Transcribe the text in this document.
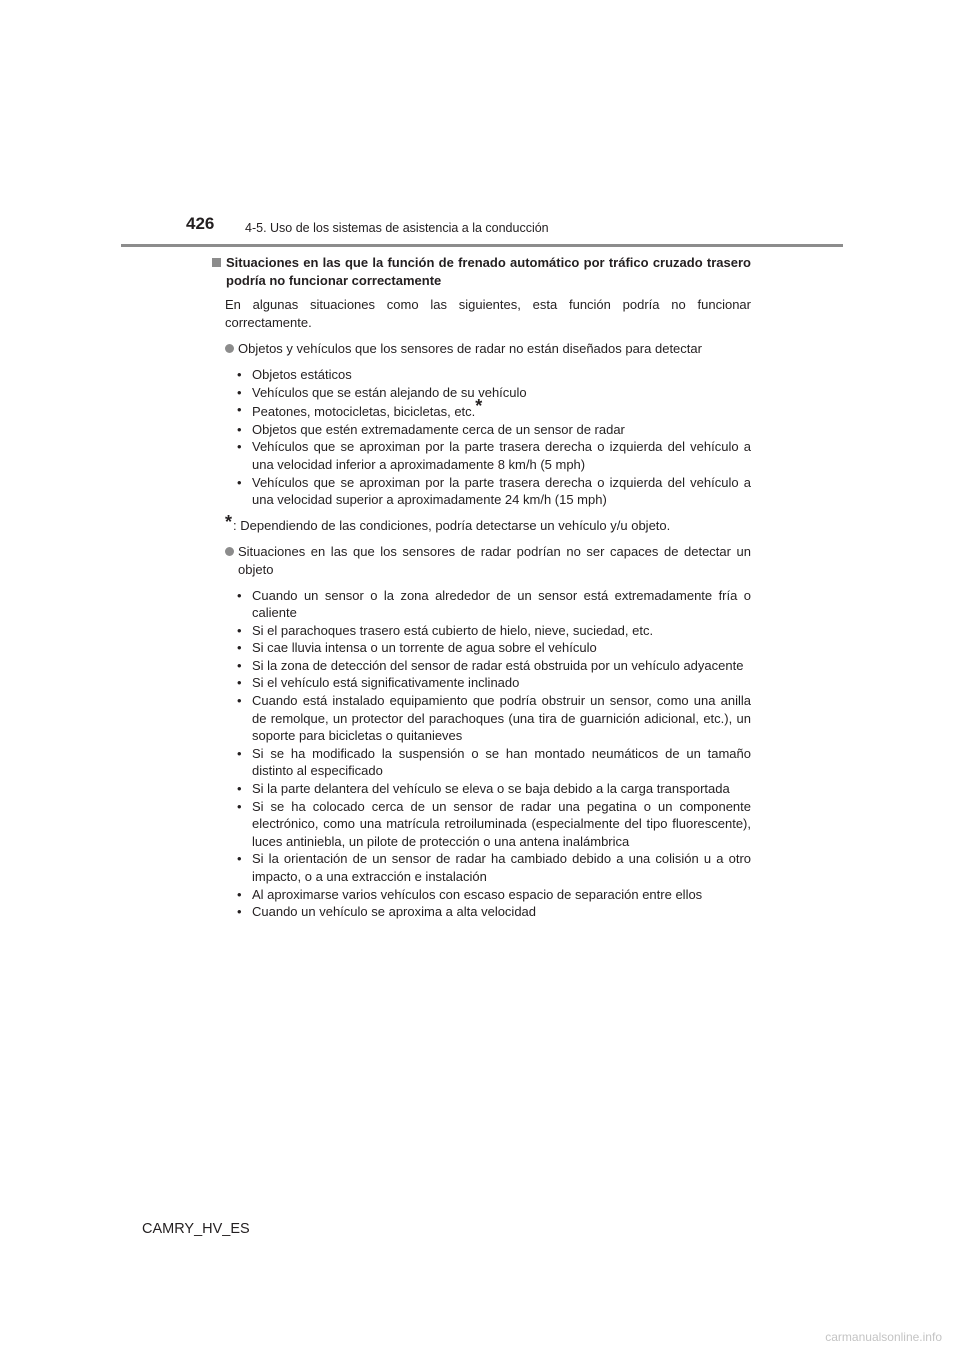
426 4-5. Uso de los sistemas de asistencia a la conducción
Situaciones en las que la función de frenado automático por tráfico cruzado trasero podría no funcionar correctamente
En algunas situaciones como las siguientes, esta función podría no funcionar correctamente.
Objetos y vehículos que los sensores de radar no están diseñados para detectar
• Objetos estáticos
• Vehículos que se están alejando de su vehículo
• Peatones, motocicletas, bicicletas, etc.*
• Objetos que estén extremadamente cerca de un sensor de radar
• Vehículos que se aproximan por la parte trasera derecha o izquierda del vehículo a una velocidad inferior a aproximadamente 8 km/h (5 mph)
• Vehículos que se aproximan por la parte trasera derecha o izquierda del vehículo a una velocidad superior a aproximadamente 24 km/h (15 mph)
* : Dependiendo de las condiciones, podría detectarse un vehículo y/u objeto.
Situaciones en las que los sensores de radar podrían no ser capaces de detectar un objeto
• Cuando un sensor o la zona alrededor de un sensor está extremadamente fría o caliente
• Si el parachoques trasero está cubierto de hielo, nieve, suciedad, etc.
• Si cae lluvia intensa o un torrente de agua sobre el vehículo
• Si la zona de detección del sensor de radar está obstruida por un vehículo adyacente
• Si el vehículo está significativamente inclinado
• Cuando está instalado equipamiento que podría obstruir un sensor, como una anilla de remolque, un protector del parachoques (una tira de guarnición adicional, etc.), un soporte para bicicletas o quitanieves
• Si se ha modificado la suspensión o se han montado neumáticos de un tamaño distinto al especificado
• Si la parte delantera del vehículo se eleva o se baja debido a la carga transportada
• Si se ha colocado cerca de un sensor de radar una pegatina o un componente electrónico, como una matrícula retroiluminada (especialmente del tipo fluorescente), luces antiniebla, un pilote de protección o una antena inalámbrica
• Si la orientación de un sensor de radar ha cambiado debido a una colisión u a otro impacto, o a una extracción e instalación
• Al aproximarse varios vehículos con escaso espacio de separación entre ellos
• Cuando un vehículo se aproxima a alta velocidad
CAMRY_HV_ES
carmanualsonline.info
